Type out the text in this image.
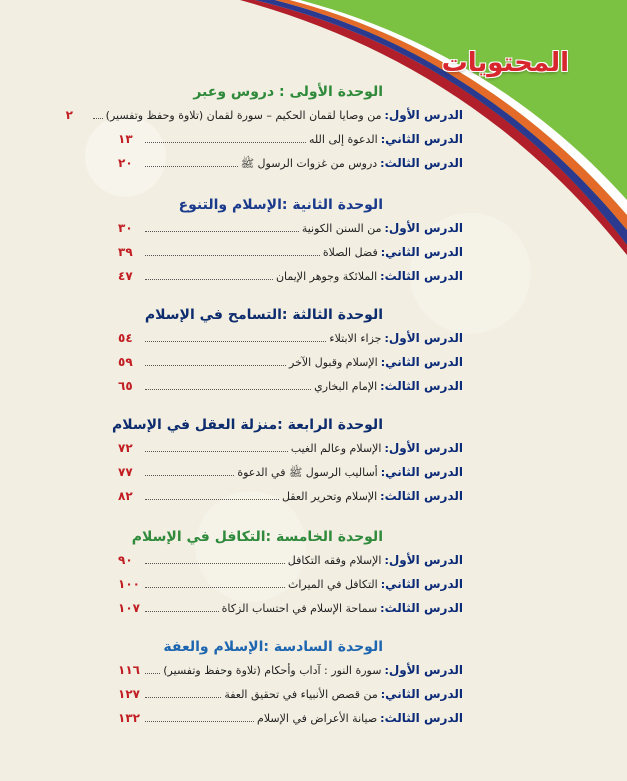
المحتويات
الوحدة الأولى : دروس وعبر
الدرس الأول
:
من وصايا لقمان الحكيم – سورة لقمان (تلاوة وحفظ وتفسير)
٢
الدرس الثاني
:
الدعوة إلى الله
١٣
الدرس الثالث
:
دروس من غزوات الرسول ﷺ
٢٠
الوحدة الثانية :الإسلام والتنوع
الدرس الأول
:
من السنن الكونية
٣٠
الدرس الثاني
:
فضل الصلاة
٣٩
الدرس الثالث
:
الملائكة وجوهر الإيمان
٤٧
الوحدة الثالثة :التسامح في الإسلام
الدرس الأول
:
جزاء الابتلاء
٥٤
الدرس الثاني
:
الإسلام وقبول الآخر
٥٩
الدرس الثالث
:
الإمام البخاري
٦٥
الوحدة الرابعة :منزلة العقل في الإسلام
الدرس الأول
:
الإسلام وعالم الغيب
٧٢
الدرس الثاني
:
أساليب الرسول ﷺ في الدعوة
٧٧
الدرس الثالث
:
الإسلام وتحرير العقل
٨٢
الوحدة الخامسة :التكافل في الإسلام
الدرس الأول
:
الإسلام وفقه التكافل
٩٠
الدرس الثاني
:
التكافل في الميراث
١٠٠
الدرس الثالث
:
سماحة الإسلام في احتساب الزكاة
١٠٧
الوحدة السادسة :الإسلام والعفة
الدرس الأول
:
سورة النور : آداب وأحكام (تلاوة وحفظ وتفسير)
١١٦
الدرس الثاني
:
من قصص الأنبياء في تحقيق العفة
١٢٧
الدرس الثالث
:
صيانة الأعراض في الإسلام
١٣٢
